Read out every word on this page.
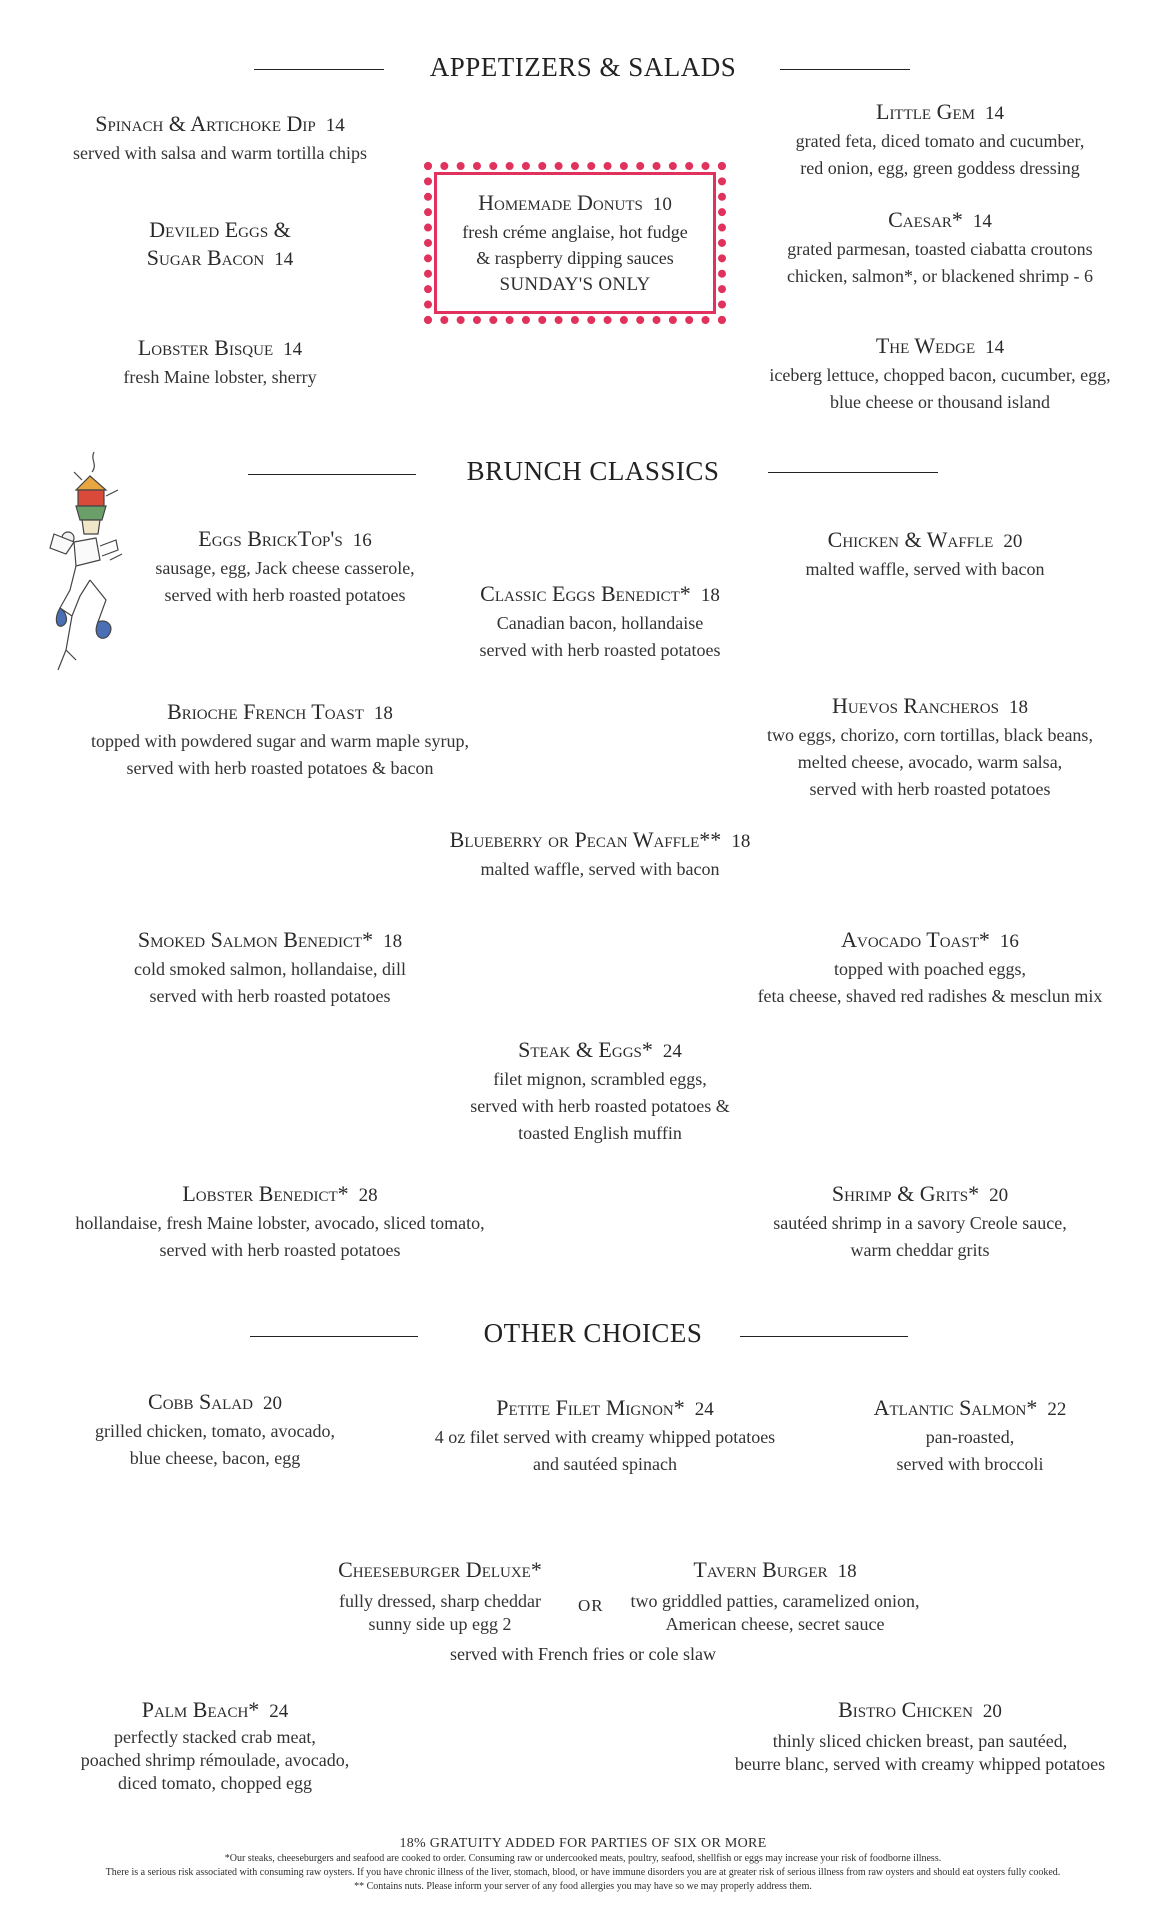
APPETIZERS & SALADS
Spinach & Artichoke Dip 14
served with salsa and warm tortilla chips
Deviled Eggs &
Sugar Bacon 14
Lobster Bisque 14
fresh Maine lobster, sherry
Homemade Donuts 10
fresh créme anglaise, hot fudge
& raspberry dipping sauces
SUNDAY'S ONLY
Little Gem 14
grated feta, diced tomato and cucumber,
red onion, egg, green goddess dressing
Caesar* 14
grated parmesan, toasted ciabatta croutons
chicken, salmon*, or blackened shrimp - 6
The Wedge 14
iceberg lettuce, chopped bacon, cucumber, egg,
blue cheese or thousand island
BRUNCH CLASSICS
Eggs BrickTop's 16
sausage, egg, Jack cheese casserole,
served with herb roasted potatoes	Classic Eggs Benedict* 18
Canadian bacon, hollandaise
served with herb roasted potatoes
Chicken & Waffle 20
malted waffle, served with bacon
Brioche French Toast 18
topped with powdered sugar and warm maple syrup,
served with herb roasted potatoes & bacon
Huevos Rancheros 18
two eggs, chorizo, corn tortillas, black beans,
melted cheese, avocado, warm salsa,
served with herb roasted potatoes
Blueberry or Pecan Waffle** 18
malted waffle, served with bacon
Smoked Salmon Benedict* 18
cold smoked salmon, hollandaise, dill
served with herb roasted potatoes
Avocado Toast* 16
topped with poached eggs,
feta cheese, shaved red radishes & mesclun mix
Steak & Eggs* 24
filet mignon, scrambled eggs,
served with herb roasted potatoes &
toasted English muffin
Lobster Benedict* 28
hollandaise, fresh Maine lobster, avocado, sliced tomato,
served with herb roasted potatoes
Shrimp & Grits* 20
sautéed shrimp in a savory Creole sauce,
warm cheddar grits
OTHER CHOICES
Cobb Salad 20
grilled chicken, tomato, avocado,
blue cheese, bacon, egg
Petite Filet Mignon* 24
4 oz filet served with creamy whipped potatoes
and sautéed spinach
Atlantic Salmon* 22
pan-roasted,
served with broccoli
Cheeseburger Deluxe*
fully dressed, sharp cheddar
sunny side up egg 2
OR
Tavern Burger 18
two griddled patties, caramelized onion,
American cheese, secret sauce
served with French fries or cole slaw
Palm Beach* 24
perfectly stacked crab meat,
poached shrimp rémoulade, avocado,
diced tomato, chopped egg
Bistro Chicken 20
thinly sliced chicken breast, pan sautéed,
beurre blanc, served with creamy whipped potatoes
18% GRATUITY ADDED FOR PARTIES OF SIX OR MORE
*Our steaks, cheeseburgers and seafood are cooked to order. Consuming raw or undercooked meats, poultry, seafood, shellfish or eggs may increase your risk of foodborne illness.
There is a serious risk associated with consuming raw oysters. If you have chronic illness of the liver, stomach, blood, or have immune disorders you are at greater risk of serious illness from raw oysters and should eat oysters fully cooked.
** Contains nuts. Please inform your server of any food allergies you may have so we may properly address them.
